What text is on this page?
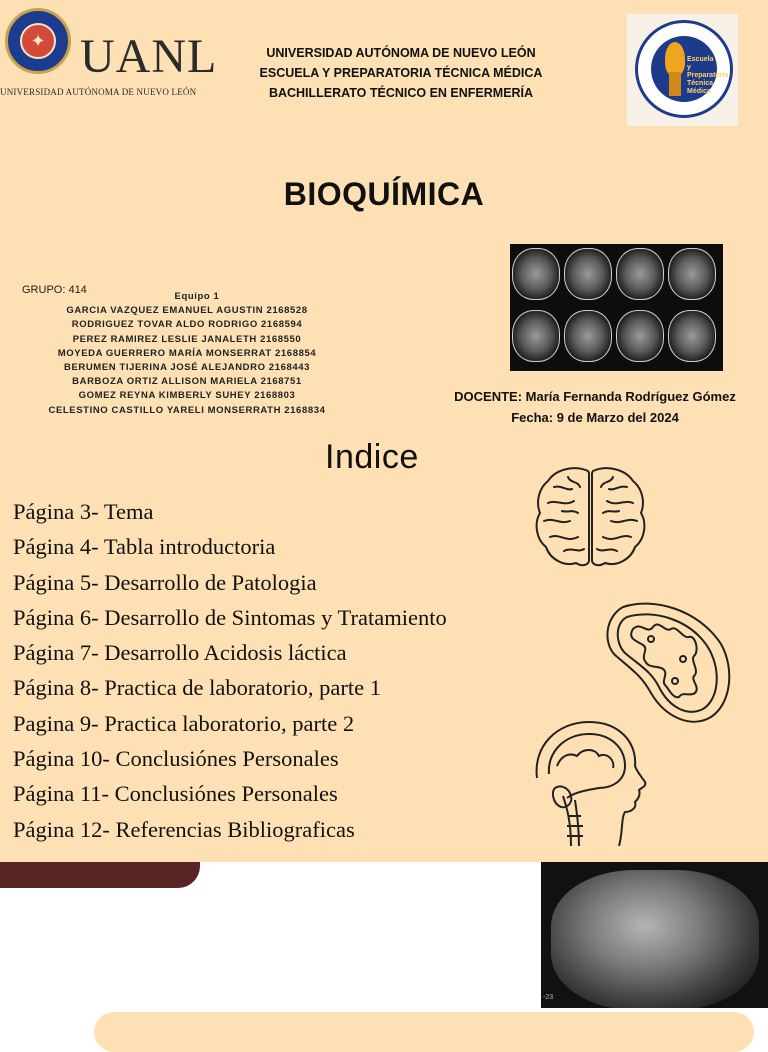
✦ UANL
UNIVERSIDAD AUTÓNOMA DE NUEVO LEÓN
UNIVERSIDAD AUTÓNOMA DE NUEVO LEÓN
ESCUELA Y PREPARATORIA TÉCNICA MÉDICA
BACHILLERATO TÉCNICO EN ENFERMERÍA
Escuela y Preparatoria Técnica Médica
BIOQUÍMICA
GRUPO: 414
Equipo 1
GARCIA VAZQUEZ EMANUEL AGUSTIN 2168528
RODRIGUEZ TOVAR ALDO RODRIGO 2168594
PEREZ RAMIREZ LESLIE JANALETH 2168550
MOYEDA GUERRERO MARÍA MONSERRAT 2168854
BERUMEN TIJERINA JOSÉ ALEJANDRO 2168443
BARBOZA ORTIZ ALLISON MARIELA 2168751
GOMEZ REYNA KIMBERLY SUHEY 2168803
CELESTINO CASTILLO YARELI MONSERRATH 2168834
DOCENTE: María Fernanda Rodríguez Gómez
Fecha: 9 de Marzo del 2024
Indice
Página 3- Tema
Página 4- Tabla introductoria
Página 5- Desarrollo de Patologia
Página 6- Desarrollo de Sintomas y Tratamiento
Página 7- Desarrollo Acidosis láctica
Página 8- Practica de laboratorio, parte 1
Pagina 9- Practica laboratorio, parte 2
Página 10- Conclusiónes Personales
Página 11- Conclusiónes Personales
Página 12- Referencias Bibliograficas
-23
